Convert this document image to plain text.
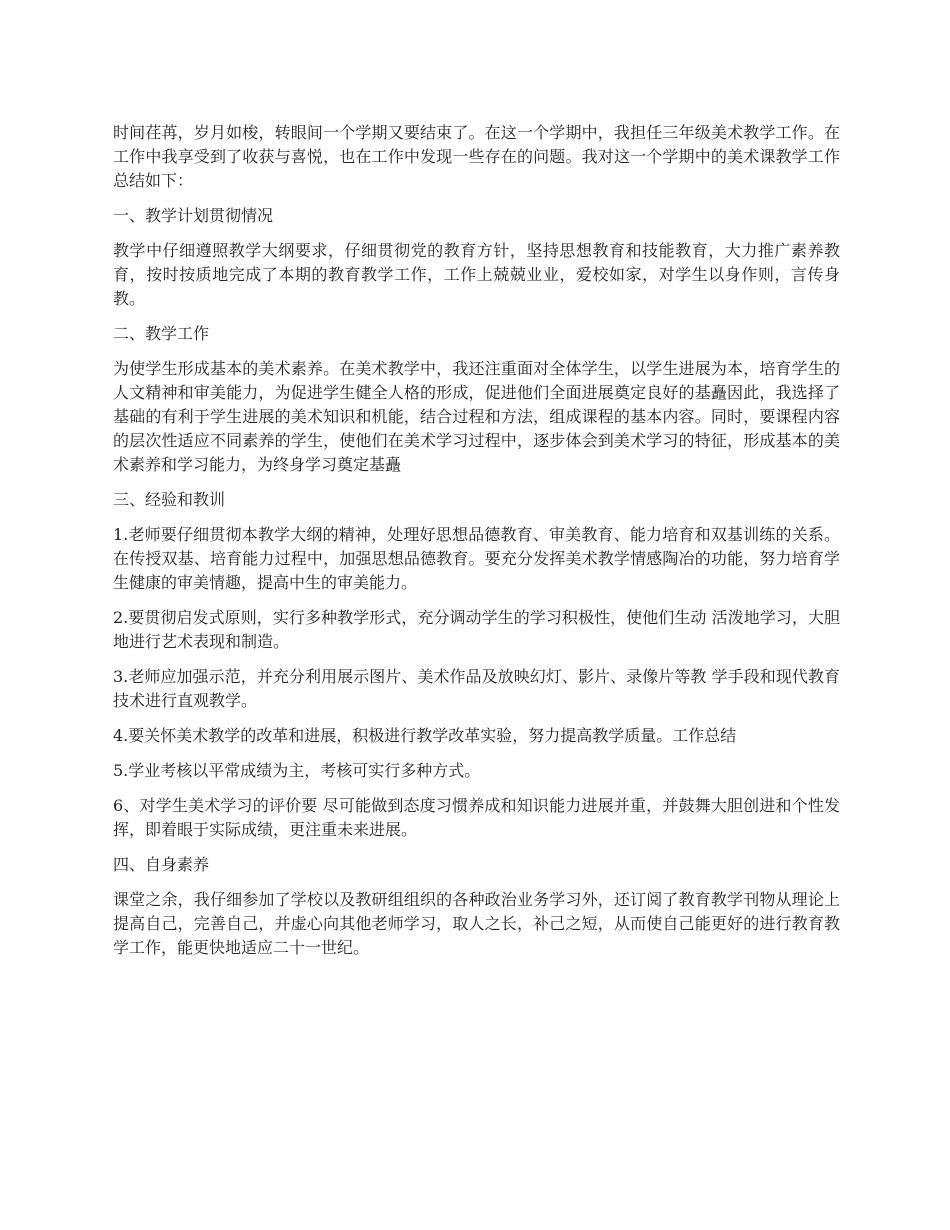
时间荏苒，岁月如梭，转眼间一个学期又要结束了。在这一个学期中，我担任三年级美术教学工作。在工作中我享受到了收获与喜悦，也在工作中发现一些存在的问题。我对这一个学期中的美术课教学工作总结如下：

一、教学计划贯彻情况

教学中仔细遵照教学大纲要求，仔细贯彻党的教育方针，坚持思想教育和技能教育，大力推广素养教育，按时按质地完成了本期的教育教学工作，工作上兢兢业业，爱校如家，对学生以身作则，言传身教。

二、教学工作

为使学生形成基本的美术素养。在美术教学中，我还注重面对全体学生，以学生进展为本，培育学生的人文精神和审美能力，为促进学生健全人格的形成，促进他们全面进展奠定良好的基矗因此，我选择了基础的有利于学生进展的美术知识和机能，结合过程和方法，组成课程的基本内容。同时，要课程内容的层次性适应不同素养的学生，使他们在美术学习过程中，逐步体会到美术学习的特征，形成基本的美术素养和学习能力，为终身学习奠定基矗

三、经验和教训

1.老师要仔细贯彻本教学大纲的精神，处理好思想品德教育、审美教育、能力培育和双基训练的关系。在传授双基、培育能力过程中，加强思想品德教育。要充分发挥美术教学情感陶冶的功能，努力培育学生健康的审美情趣，提高中生的审美能力。

2.要贯彻启发式原则，实行多种教学形式，充分调动学生的学习积极性，使他们生动 活泼地学习，大胆地进行艺术表现和制造。

3.老师应加强示范，并充分利用展示图片、美术作品及放映幻灯、影片、录像片等教 学手段和现代教育技术进行直观教学。

4.要关怀美术教学的改革和进展，积极进行教学改革实验，努力提高教学质量。工作总结

5.学业考核以平常成绩为主，考核可实行多种方式。

6、对学生美术学习的评价要 尽可能做到态度习惯养成和知识能力进展并重，并鼓舞大胆创进和个性发挥，即着眼于实际成绩，更注重未来进展。

四、自身素养

课堂之余，我仔细参加了学校以及教研组组织的各种政治业务学习外，还订阅了教育教学刊物从理论上提高自己，完善自己，并虚心向其他老师学习，取人之长，补己之短，从而使自己能更好的进行教育教学工作，能更快地适应二十一世纪。
